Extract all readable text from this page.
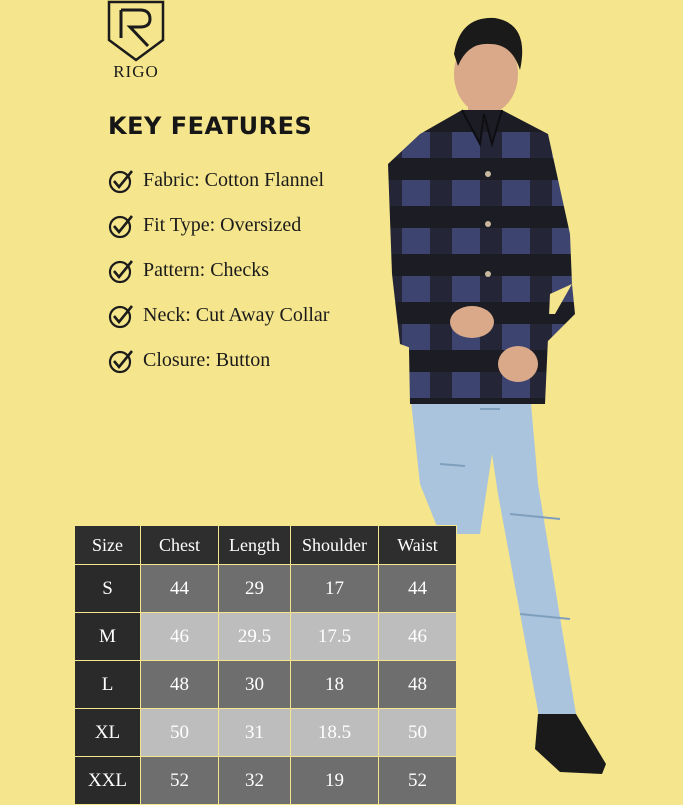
RIGO
KEY FEATURES
Fabric: Cotton Flannel
Fit Type: Oversized
Pattern: Checks
Neck: Cut Away Collar
Closure: Button
Size	Chest	Length	Shoulder	Waist
S	44	29	17	44
M	46	29.5	17.5	46
L	48	30	18	48
XL	50	31	18.5	50
XXL	52	32	19	52
